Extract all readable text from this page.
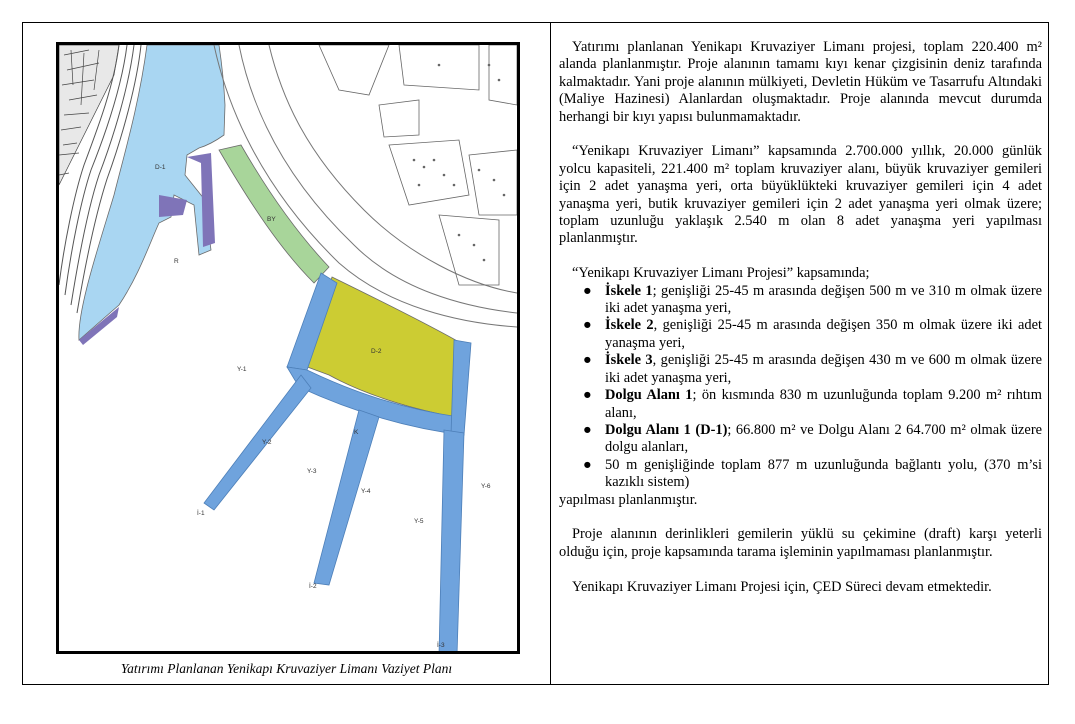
D-1
R
BY
D-2
K
Y-1
Y-2
Y-3
Y-4
Y-5
Y-6
İ-1
İ-2
İ-3
Yatırımı Planlanan Yenikapı Kruvaziyer Limanı Vaziyet Planı

Yatırımı planlanan Yenikapı Kruvaziyer Limanı projesi, toplam 220.400 m² alanda planlanmıştır. Proje alanının tamamı kıyı kenar çizgisinin deniz tarafında kalmaktadır. Yani proje alanının mülkiyeti, Devletin Hüküm ve Tasarrufu Altındaki (Maliye Hazinesi) Alanlardan oluşmaktadır. Proje alanında mevcut durumda herhangi bir kıyı yapısı bulunmamaktadır.

“Yenikapı Kruvaziyer Limanı” kapsamında 2.700.000 yıllık, 20.000 günlük yolcu kapasiteli, 221.400 m² toplam kruvaziyer alanı, büyük kruvaziyer gemileri için 2 adet yanaşma yeri, orta büyüklükteki kruvaziyer gemileri için 4 adet yanaşma yeri, butik kruvaziyer gemileri için 2 adet yanaşma yeri olmak üzere; toplam uzunluğu yaklaşık 2.540 m olan 8 adet yanaşma yeri yapılması planlanmıştır.

“Yenikapı Kruvaziyer Limanı Projesi” kapsamında;

● İskele 1; genişliği 25-45 m arasında değişen 500 m ve 310 m olmak üzere iki adet yanaşma yeri,
● İskele 2, genişliği 25-45 m arasında değişen 350 m olmak üzere iki adet yanaşma yeri,
● İskele 3, genişliği 25-45 m arasında değişen 430 m ve 600 m olmak üzere iki adet yanaşma yeri,
● Dolgu Alanı 1; ön kısmında 830 m uzunluğunda toplam 9.200 m² rıhtım alanı,
● Dolgu Alanı 1 (D-1); 66.800 m² ve Dolgu Alanı 2 64.700 m² olmak üzere dolgu alanları,
● 50 m genişliğinde toplam 877 m uzunluğunda bağlantı yolu, (370 m’si kazıklı sistem)

yapılması planlanmıştır.

Proje alanının derinlikleri gemilerin yüklü su çekimine (draft) karşı yeterli olduğu için, proje kapsamında tarama işleminin yapılmaması planlanmıştır.

Yenikapı Kruvaziyer Limanı Projesi için, ÇED Süreci devam etmektedir.
